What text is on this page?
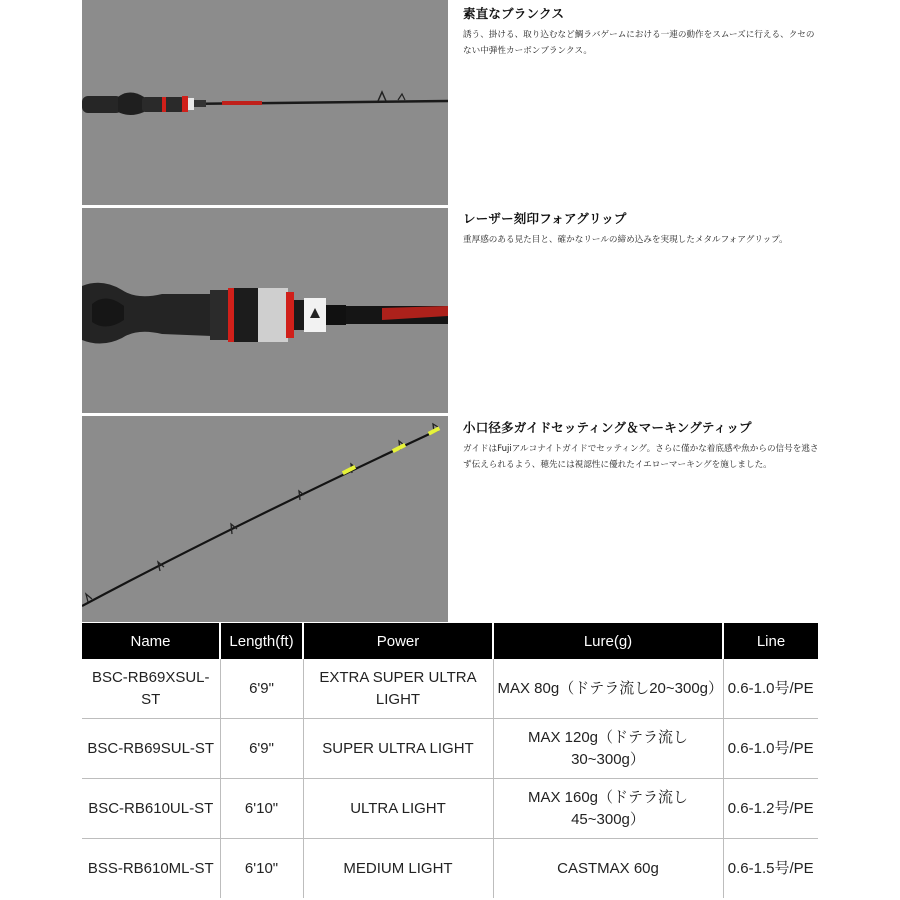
素直なブランクス

誘う、掛ける、取り込むなど鯛ラバゲームにおける一連の動作をスムーズに行える、クセのない中弾性カーボンブランクス。

レーザー刻印フォアグリップ

重厚感のある見た目と、確かなリールの締め込みを実現したメタルフォアグリップ。

小口径多ガイドセッティング＆マーキングティップ

ガイドはFujiアルコナイトガイドでセッティング。さらに僅かな着底感や魚からの信号を逃さず伝えられるよう、穂先には視認性に優れたイエローマーキングを施しました。

Name	Length(ft)	Power	Lure(g)	Line
BSC-RB69XSUL-ST	6'9"	EXTRA SUPER ULTRA LIGHT	MAX 80g（ドテラ流し20~300g）	0.6-1.0号/PE
BSC-RB69SUL-ST	6'9"	SUPER ULTRA LIGHT	MAX 120g（ドテラ流し30~300g）	0.6-1.0号/PE
BSC-RB610UL-ST	6'10"	ULTRA LIGHT	MAX 160g（ドテラ流し45~300g）	0.6-1.2号/PE
BSS-RB610ML-ST	6'10"	MEDIUM LIGHT	CASTMAX 60g	0.6-1.5号/PE
